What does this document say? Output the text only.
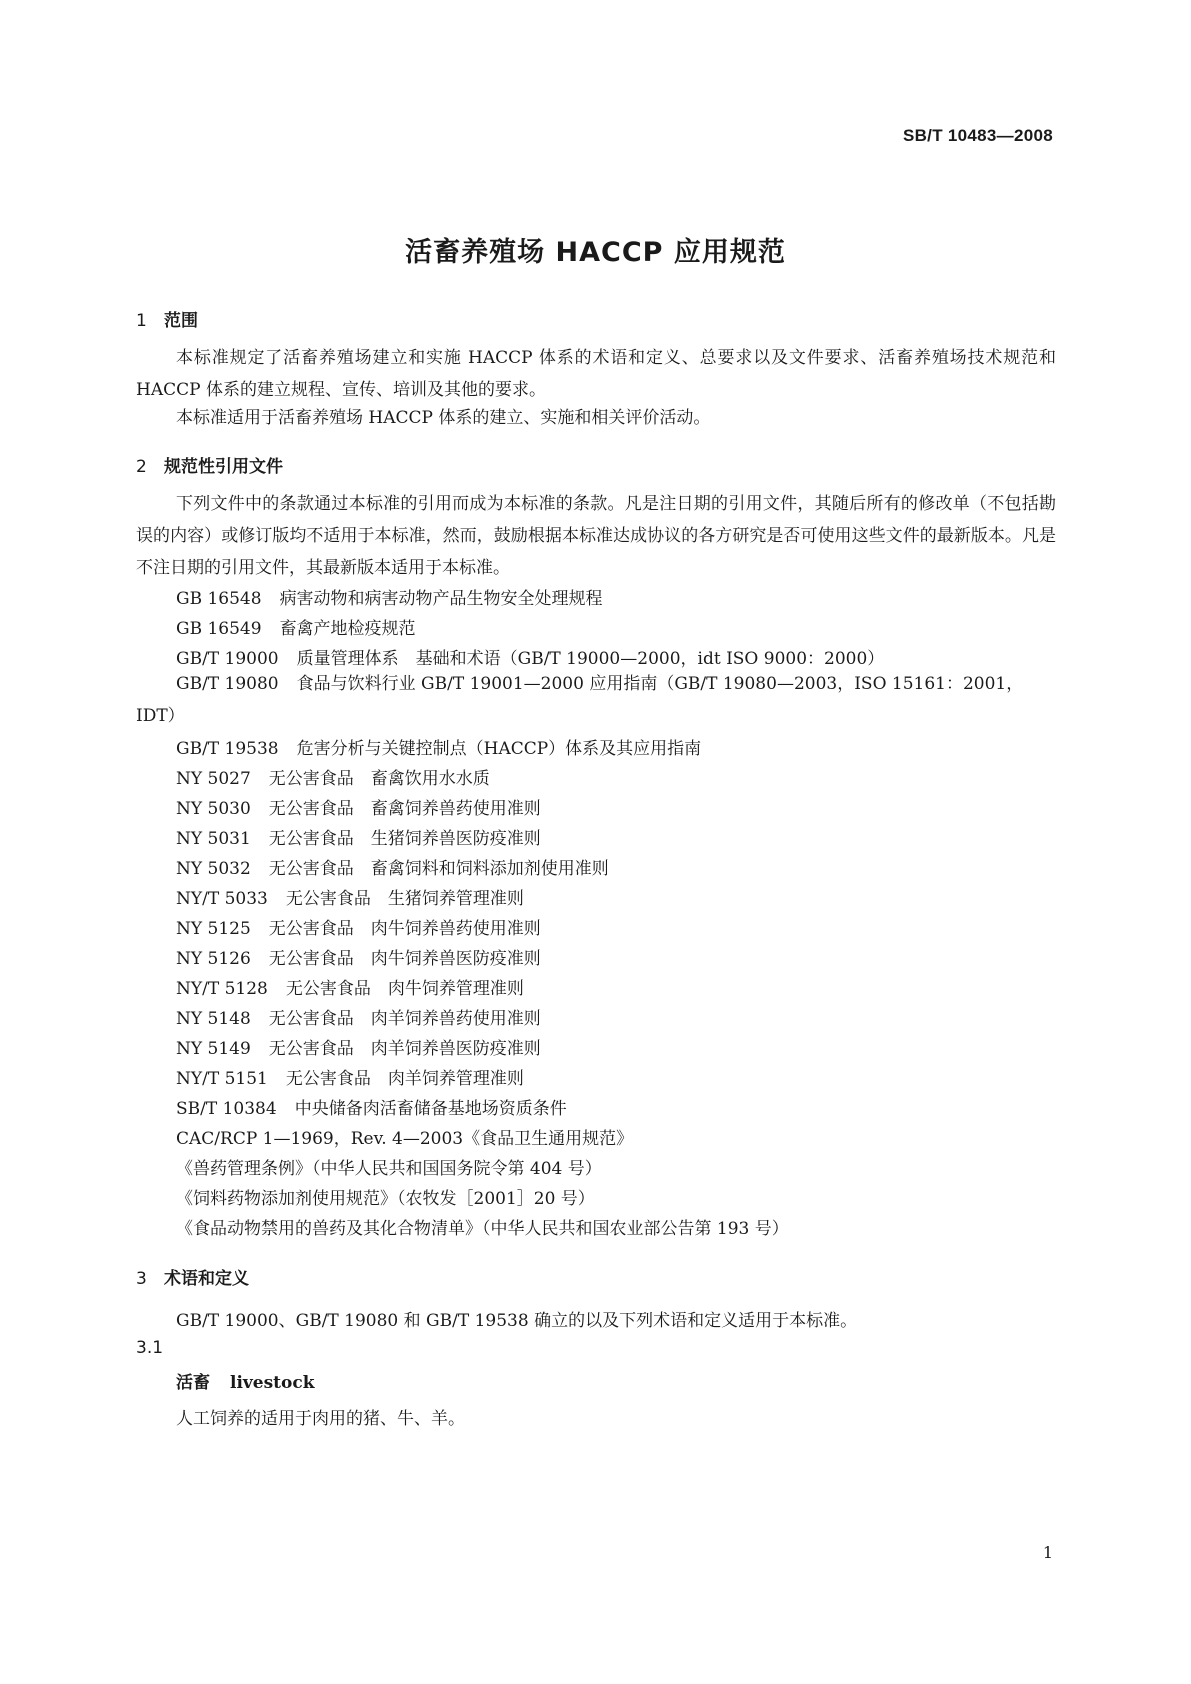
SB/T 10483—2008
活畜养殖场 HACCP 应用规范
1 范围

本标准规定了活畜养殖场建立和实施 HACCP 体系的术语和定义、总要求以及文件要求、活畜养殖场技术规范和 HACCP 体系的建立规程、宣传、培训及其他的要求。

本标准适用于活畜养殖场 HACCP 体系的建立、实施和相关评价活动。

2 规范性引用文件

下列文件中的条款通过本标准的引用而成为本标准的条款。凡是注日期的引用文件，其随后所有的修改单（不包括勘误的内容）或修订版均不适用于本标准，然而，鼓励根据本标准达成协议的各方研究是否可使用这些文件的最新版本。凡是不注日期的引用文件，其最新版本适用于本标准。

GB 16548 病害动物和病害动物产品生物安全处理规程
GB 16549 畜禽产地检疫规范
GB/T 19000 质量管理体系　基础和术语（GB/T 19000—2000，idt ISO 9000：2000）

GB/T 19080 食品与饮料行业 GB/T 19001—2000 应用指南（GB/T 19080—2003，ISO 15161：2001，IDT）

GB/T 19538 危害分析与关键控制点（HACCP）体系及其应用指南
NY 5027 无公害食品　畜禽饮用水水质
NY 5030 无公害食品　畜禽饲养兽药使用准则
NY 5031 无公害食品　生猪饲养兽医防疫准则
NY 5032 无公害食品　畜禽饲料和饲料添加剂使用准则
NY/T 5033 无公害食品　生猪饲养管理准则
NY 5125 无公害食品　肉牛饲养兽药使用准则
NY 5126 无公害食品　肉牛饲养兽医防疫准则
NY/T 5128 无公害食品　肉牛饲养管理准则
NY 5148 无公害食品　肉羊饲养兽药使用准则
NY 5149 无公害食品　肉羊饲养兽医防疫准则
NY/T 5151 无公害食品　肉羊饲养管理准则
SB/T 10384 中央储备肉活畜储备基地场资质条件
CAC/RCP 1—1969，Rev. 4—2003《食品卫生通用规范》
《兽药管理条例》（中华人民共和国国务院令第 404 号）
《饲料药物添加剂使用规范》（农牧发［2001］20 号）
《食品动物禁用的兽药及其化合物清单》（中华人民共和国农业部公告第 193 号）
3 术语和定义
GB/T 19000、GB/T 19080 和 GB/T 19538 确立的以及下列术语和定义适用于本标准。
3.1
活畜 livestock
人工饲养的适用于肉用的猪、牛、羊。
1
